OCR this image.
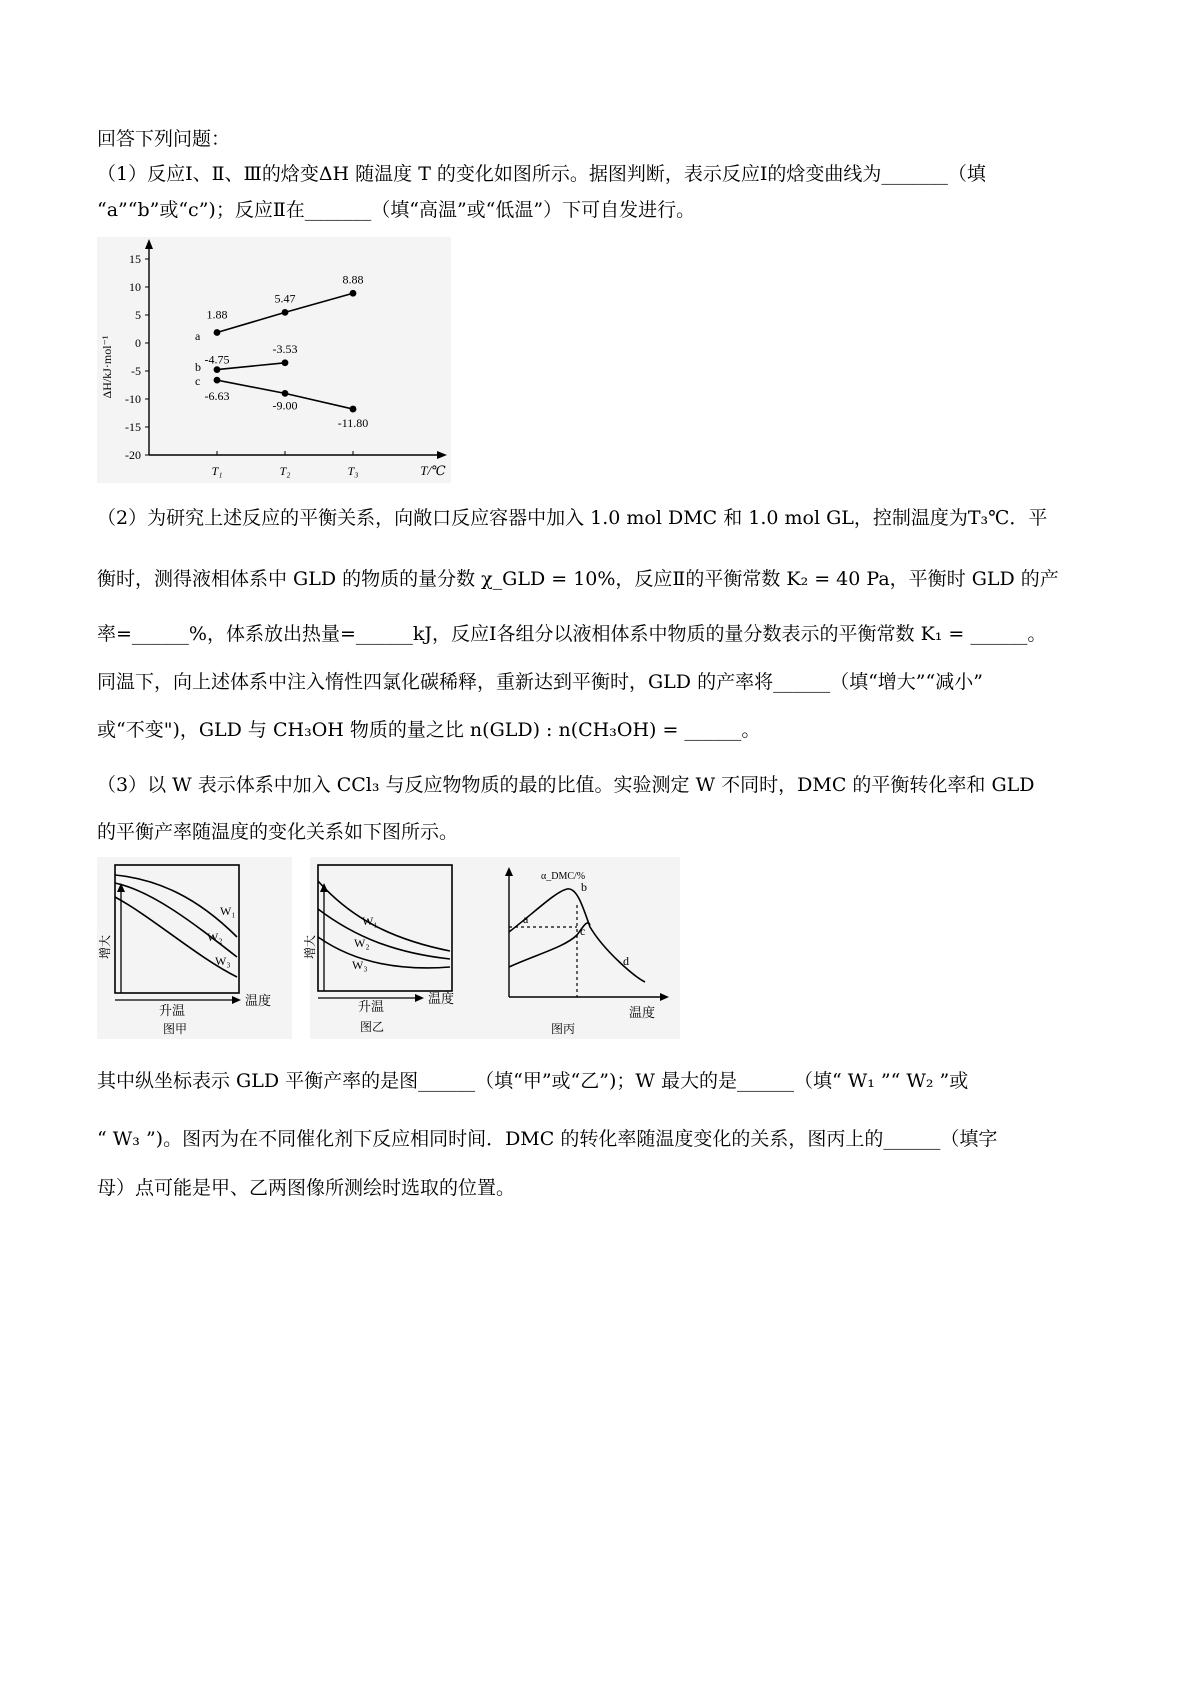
回答下列问题：
（1）反应Ⅰ、Ⅱ、Ⅲ的焓变ΔH 随温度 T 的变化如图所示。据图判断，表示反应Ⅰ的焓变曲线为_______（填
“a”“b”或“c”)；反应Ⅱ在_______（填“高温”或“低温”）下可自发进行。
ΔH/kJ·mol⁻¹
15
10
5
0
-5
-10
-15
-20
T₁	T₂	T₃	T/℃
1.88
5.47
8.88
-4.75
-3.53
-6.63
-9.00
-11.80
a
b
c
（2）为研究上述反应的平衡关系，向敞口反应容器中加入 1.0 mol DMC 和 1.0 mol GL，控制温度为T₃℃．平
衡时，测得液相体系中 GLD 的物质的量分数 χ_GLD = 10%，反应Ⅱ的平衡常数 K₂ = 40 Pa，平衡时 GLD 的产
率=______%，体系放出热量=______kJ，反应Ⅰ各组分以液相体系中物质的量分数表示的平衡常数 K₁ = ______。
同温下，向上述体系中注入惰性四氯化碳稀释，重新达到平衡时，GLD 的产率将______（填“增大”“减小”
或“不变")，GLD 与 CH₃OH 物质的量之比 n(GLD) : n(CH₃OH) = ______。
（3）以 W 表示体系中加入 CCl₃ 与反应物物质的最的比值。实验测定 W 不同时，DMC 的平衡转化率和 GLD
的平衡产率随温度的变化关系如下图所示。
W₁
W₂
W₃
增大
升温
温度
图甲
W₁
W₂
W₃
增大
升温
温度
图乙
α_DMC/%
a
b
c
d
温度
图丙
其中纵坐标表示 GLD 平衡产率的是图______（填“甲”或“乙”)；W 最大的是______（填“ W₁ ”“ W₂ ”或
“ W₃ ”)。图丙为在不同催化剂下反应相同时间．DMC 的转化率随温度变化的关系，图丙上的______（填字
母）点可能是甲、乙两图像所测绘时选取的位置。
